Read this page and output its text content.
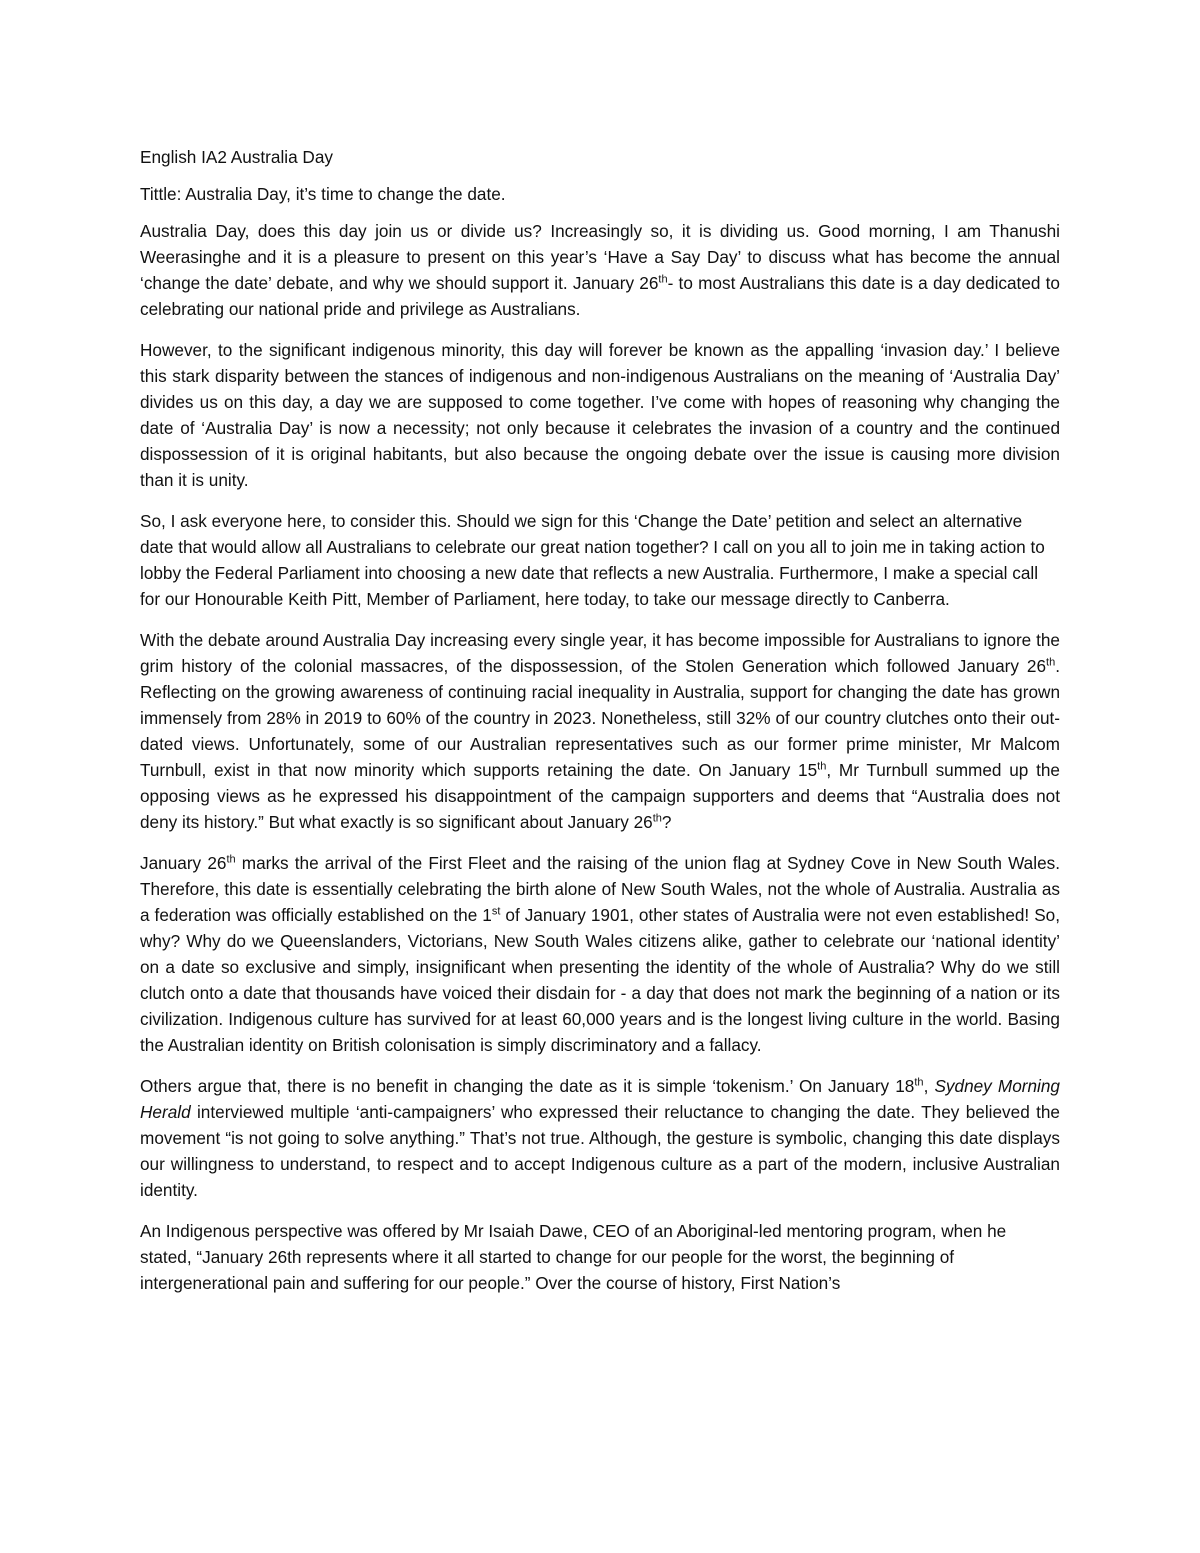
English IA2 Australia Day
Tittle: Australia Day, it’s time to change the date.

Australia Day, does this day join us or divide us? Increasingly so, it is dividing us. Good morning, I am Thanushi Weerasinghe and it is a pleasure to present on this year’s ‘Have a Say Day’ to discuss what has become the annual ‘change the date’ debate, and why we should support it. January 26th- to most Australians this date is a day dedicated to celebrating our national pride and privilege as Australians.

However, to the significant indigenous minority, this day will forever be known as the appalling ‘invasion day.’ I believe this stark disparity between the stances of indigenous and non-indigenous Australians on the meaning of ‘Australia Day’ divides us on this day, a day we are supposed to come together. I’ve come with hopes of reasoning why changing the date of ‘Australia Day’ is now a necessity; not only because it celebrates the invasion of a country and the continued dispossession of it is original habitants, but also because the ongoing debate over the issue is causing more division than it is unity.

So, I ask everyone here, to consider this. Should we sign for this ‘Change the Date’ petition and select an alternative date that would allow all Australians to celebrate our great nation together? I call on you all to join me in taking action to lobby the Federal Parliament into choosing a new date that reflects a new Australia. Furthermore, I make a special call for our Honourable Keith Pitt, Member of Parliament, here today, to take our message directly to Canberra.

With the debate around Australia Day increasing every single year, it has become impossible for Australians to ignore the grim history of the colonial massacres, of the dispossession, of the Stolen Generation which followed January 26th. Reflecting on the growing awareness of continuing racial inequality in Australia, support for changing the date has grown immensely from 28% in 2019 to 60% of the country in 2023. Nonetheless, still 32% of our country clutches onto their out-dated views. Unfortunately, some of our Australian representatives such as our former prime minister, Mr Malcom Turnbull, exist in that now minority which supports retaining the date. On January 15th, Mr Turnbull summed up the opposing views as he expressed his disappointment of the campaign supporters and deems that “Australia does not deny its history.” But what exactly is so significant about January 26th?

January 26th marks the arrival of the First Fleet and the raising of the union flag at Sydney Cove in New South Wales. Therefore, this date is essentially celebrating the birth alone of New South Wales, not the whole of Australia. Australia as a federation was officially established on the 1st of January 1901, other states of Australia were not even established! So, why? Why do we Queenslanders, Victorians, New South Wales citizens alike, gather to celebrate our ‘national identity’ on a date so exclusive and simply, insignificant when presenting the identity of the whole of Australia? Why do we still clutch onto a date that thousands have voiced their disdain for - a day that does not mark the beginning of a nation or its civilization. Indigenous culture has survived for at least 60,000 years and is the longest living culture in the world. Basing the Australian identity on British colonisation is simply discriminatory and a fallacy.

Others argue that, there is no benefit in changing the date as it is simple ‘tokenism.’ On January 18th, Sydney Morning Herald interviewed multiple ‘anti-campaigners’ who expressed their reluctance to changing the date. They believed the movement “is not going to solve anything.” That’s not true. Although, the gesture is symbolic, changing this date displays our willingness to understand, to respect and to accept Indigenous culture as a part of the modern, inclusive Australian identity.

An Indigenous perspective was offered by Mr Isaiah Dawe, CEO of an Aboriginal-led mentoring program, when he stated, “January 26th represents where it all started to change for our people for the worst, the beginning of intergenerational pain and suffering for our people.” Over the course of history, First Nation’s
